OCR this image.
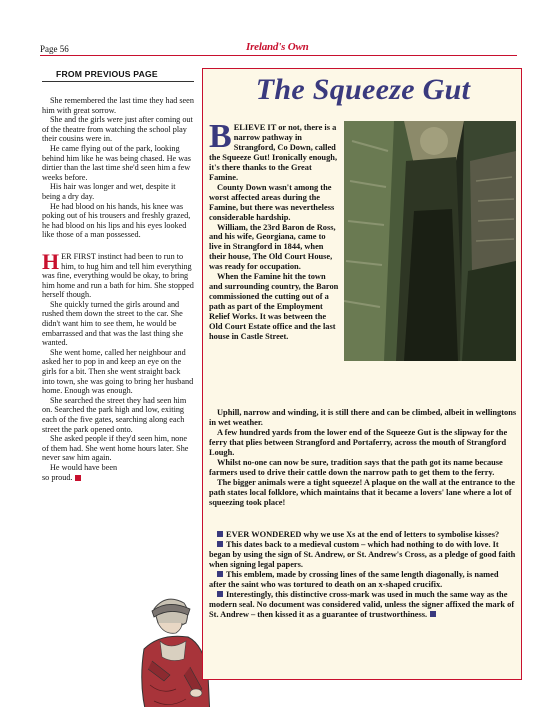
Page 56	Ireland's Own
FROM PREVIOUS PAGE

She remembered the last time they had seen him with great sorrow.

She and the girls were just after coming out of the theatre from watching the school play their cousins were in.

He came flying out of the park, looking behind him like he was being chased. He was dirtier than the last time she'd seen him a few weeks before.

His hair was longer and wet, despite it being a dry day.

He had blood on his hands, his knee was poking out of his trousers and freshly grazed, he had blood on his lips and his eyes looked like those of a man possessed.

HER FIRST instinct had been to run to him, to hug him and tell him everything was fine, everything would be okay, to bring him home and run a bath for him. She stopped herself though.

She quickly turned the girls around and rushed them down the street to the car. She didn't want him to see them, he would be embarrassed and that was the last thing she wanted.

She went home, called her neighbour and asked her to pop in and keep an eye on the girls for a bit. Then she went straight back into town, she was going to bring her husband home. Enough was enough.

She searched the street they had seen him on. Searched the park high and low, exiting each of the five gates, searching along each street the park opened onto.

She asked people if they'd seen him, none of them had. She went home hours later. She never saw him again.

He would have been so proud.

The Squeeze Gut

BELIEVE IT or not, there is a narrow pathway in Strangford, Co Down, called the Squeeze Gut! Ironically enough, it's there thanks to the Great Famine.

County Down wasn't among the worst affected areas during the Famine, but there was nevertheless considerable hardship.

William, the 23rd Baron de Ross, and his wife, Georgiana, came to live in Strangford in 1844, when their house, The Old Court House, was ready for occupation.

When the Famine hit the town and surrounding country, the Baron commissioned the cutting out of a path as part of the Employment Relief Works. It was between the Old Court Estate office and the last house in Castle Street.

Uphill, narrow and winding, it is still there and can be climbed, albeit in wellingtons in wet weather.

A few hundred yards from the lower end of the Squeeze Gut is the slipway for the ferry that plies between Strangford and Portaferry, across the mouth of Strangford Lough.

Whilst no-one can now be sure, tradition says that the path got its name because farmers used to drive their cattle down the narrow path to get them to the ferry.

The bigger animals were a tight squeeze! A plaque on the wall at the entrance to the path states local folklore, which maintains that it became a lovers' lane where a lot of squeezing took place!

EVER WONDERED why we use Xs at the end of letters to symbolise kisses?

This dates back to a medieval custom – which had nothing to do with love. It began by using the sign of St. Andrew, or St. Andrew's Cross, as a pledge of good faith when signing legal papers.

This emblem, made by crossing lines of the same length diagonally, is named after the saint who was tortured to death on an x-shaped crucifix.

Interestingly, this distinctive cross-mark was used in much the same way as the modern seal. No document was considered valid, unless the signer affixed the mark of St. Andrew – then kissed it as a guarantee of trustworthiness.
